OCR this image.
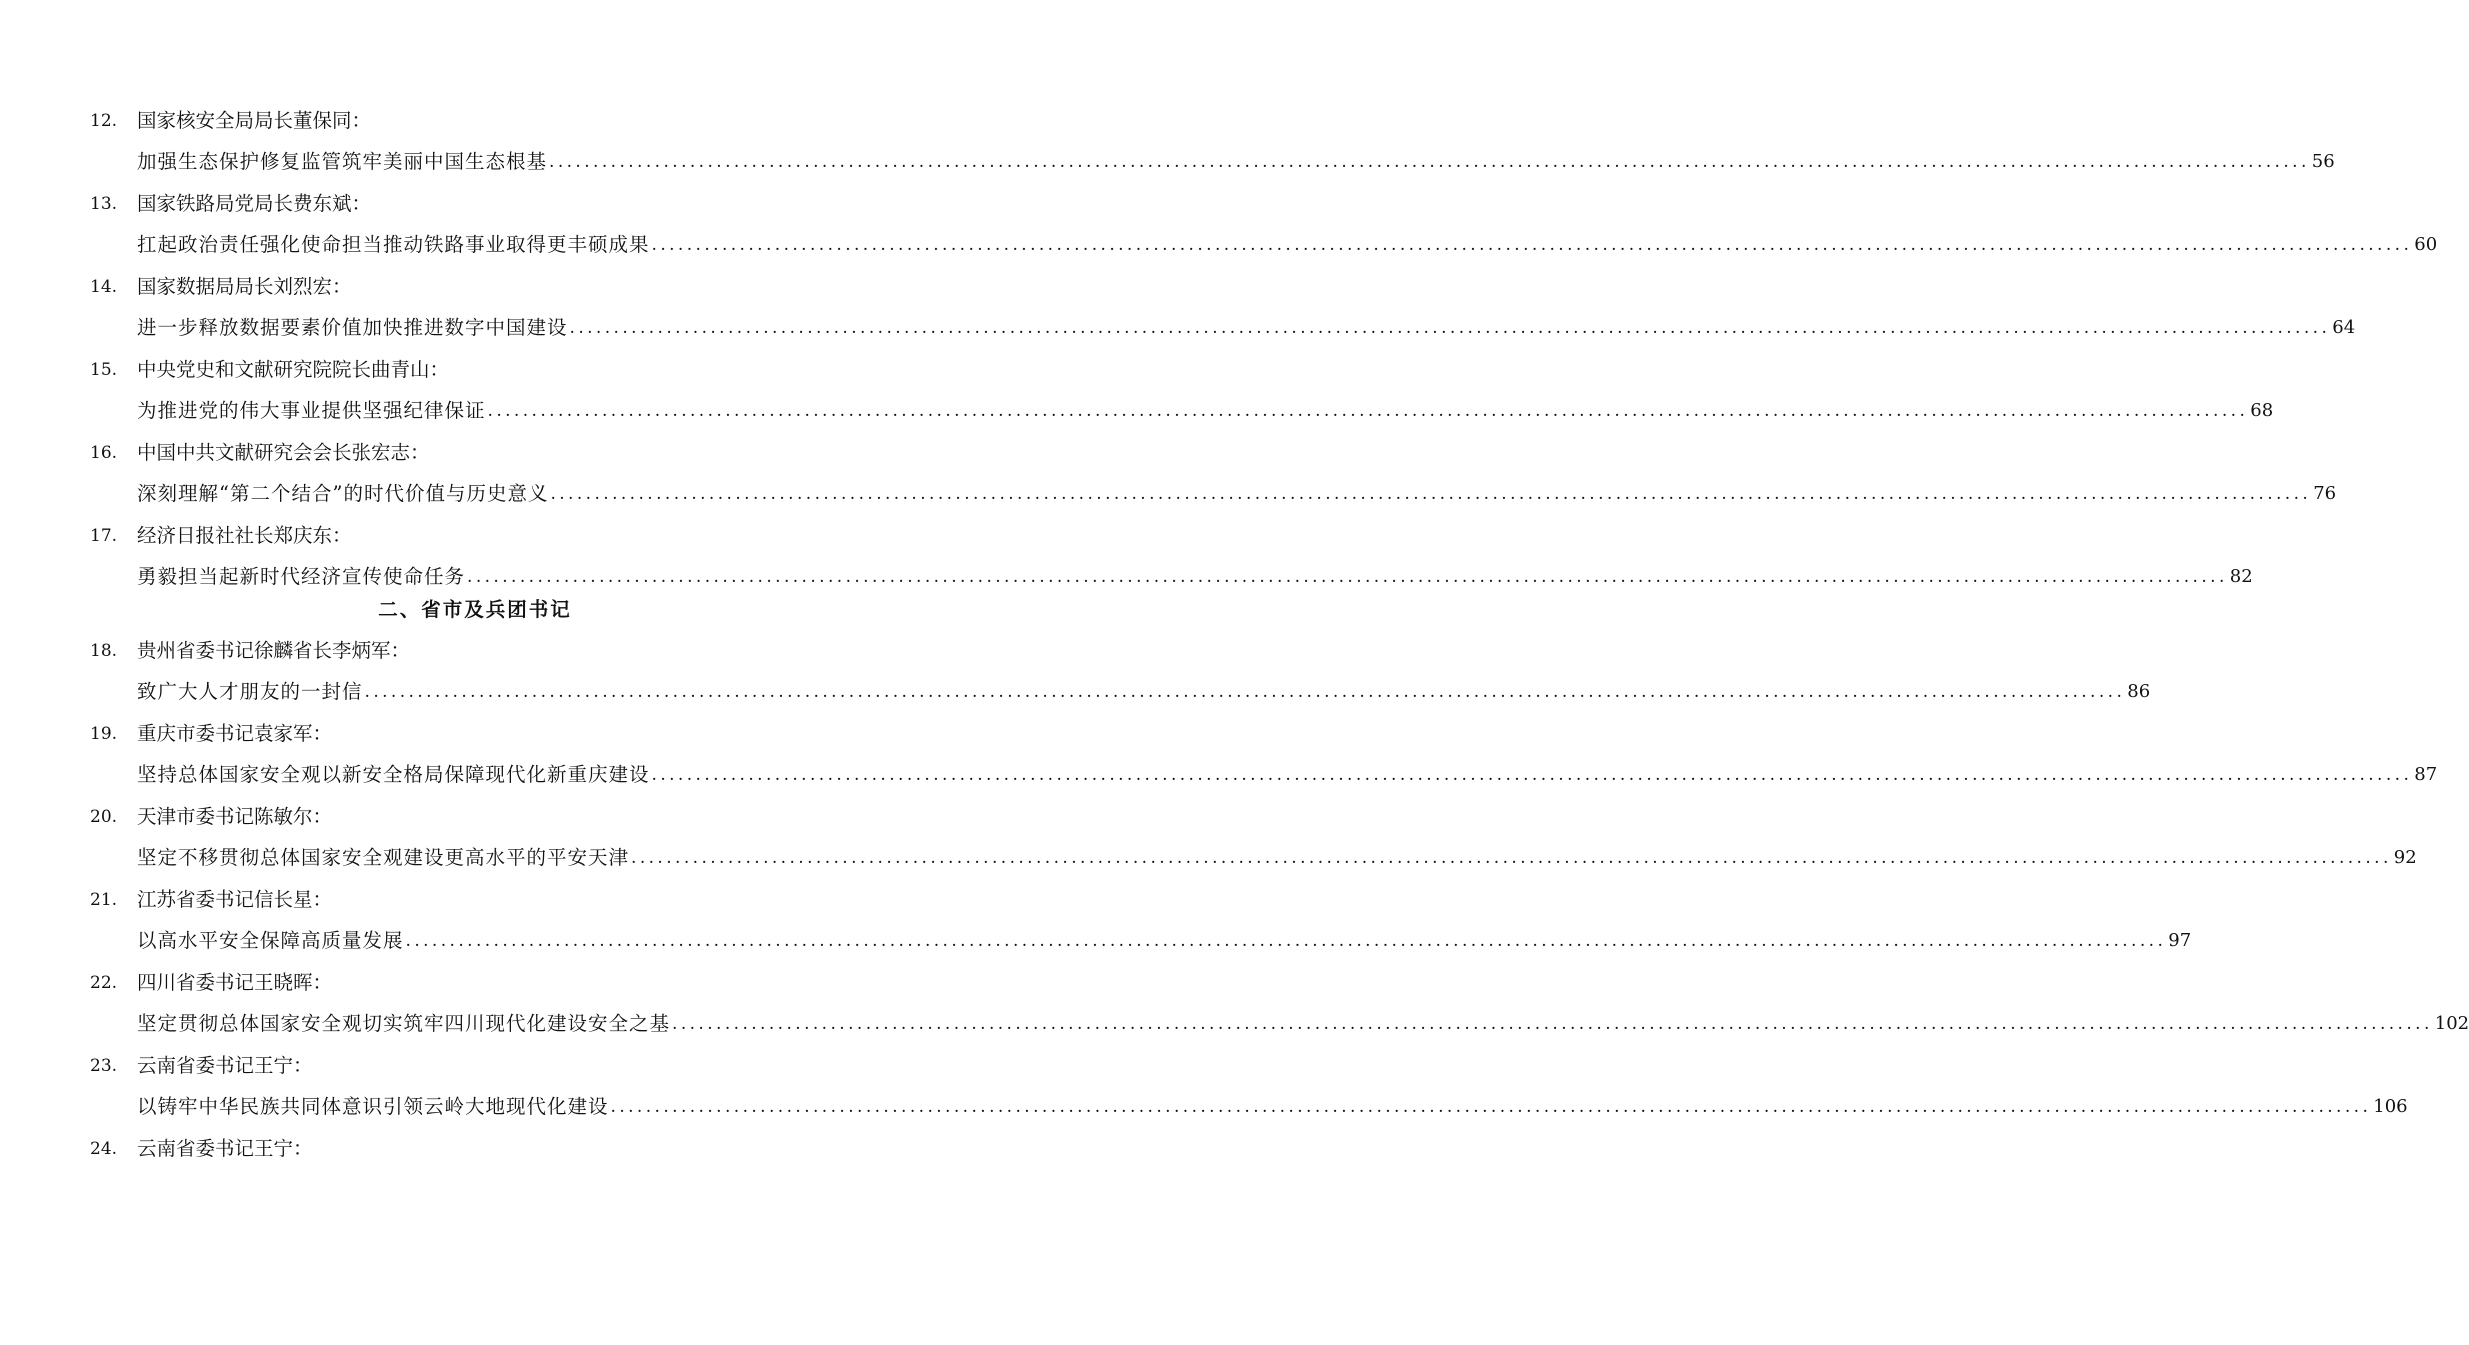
12.	国家核安全局局长董保同：
加强生态保护修复监管筑牢美丽中国生态根基 ........................................................................................................................................................................................................ 56
13.	国家铁路局党局长费东斌：
扛起政治责任强化使命担当推动铁路事业取得更丰硕成果 ........................................................................................................................................................................................................ 60
14.	国家数据局局长刘烈宏：
进一步释放数据要素价值加快推进数字中国建设 ........................................................................................................................................................................................................ 64
15.	中央党史和文献研究院院长曲青山：
为推进党的伟大事业提供坚强纪律保证 ........................................................................................................................................................................................................ 68
16.	中国中共文献研究会会长张宏志：
深刻理解“第二个结合”的时代价值与历史意义 ........................................................................................................................................................................................................ 76
17.	经济日报社社长郑庆东：
勇毅担当起新时代经济宣传使命任务 ........................................................................................................................................................................................................ 82
二、省市及兵团书记
18.	贵州省委书记徐麟省长李炳军：
致广大人才朋友的一封信 ........................................................................................................................................................................................................ 86
19.	重庆市委书记袁家军：
坚持总体国家安全观以新安全格局保障现代化新重庆建设 ........................................................................................................................................................................................................ 87
20.	天津市委书记陈敏尔：
坚定不移贯彻总体国家安全观建设更高水平的平安天津 ........................................................................................................................................................................................................ 92
21.	江苏省委书记信长星：
以高水平安全保障高质量发展 ........................................................................................................................................................................................................ 97
22.	四川省委书记王晓晖：
坚定贯彻总体国家安全观切实筑牢四川现代化建设安全之基 ........................................................................................................................................................................................................ 102
23.	云南省委书记王宁：
以铸牢中华民族共同体意识引领云岭大地现代化建设 ........................................................................................................................................................................................................ 106
24.	云南省委书记王宁：
